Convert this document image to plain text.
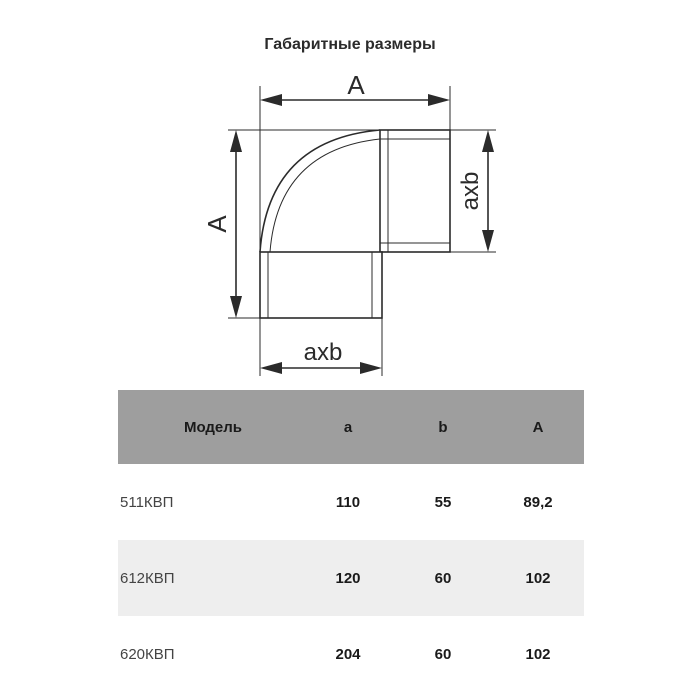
Габаритные размеры
A
A
axb
axb
Модель	a	b	A
511КВП	110	55	89,2
612КВП	120	60	102
620КВП	204	60	102
